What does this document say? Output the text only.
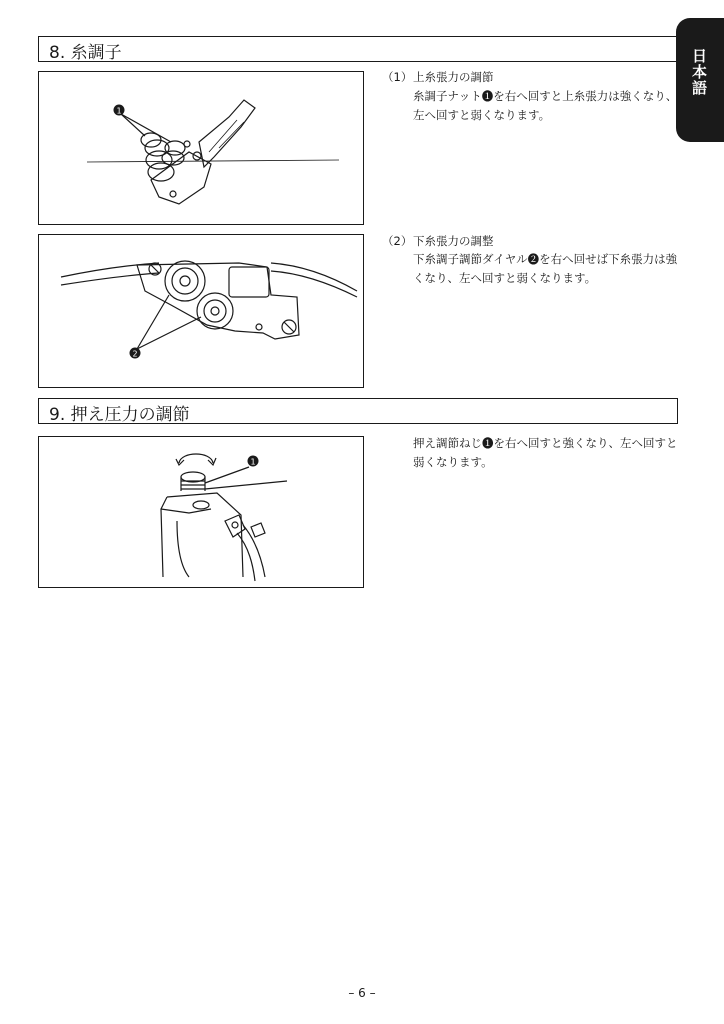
日本語
8. 糸調子
1
2
（1） 上糸張力の調節
糸調子ナット❶を右へ回すと上糸張力は強くなり、左へ回すと弱くなります。
（2） 下糸張力の調整
下糸調子調節ダイヤル❷を右へ回せば下糸張力は強くなり、左へ回すと弱くなります。
9. 押え圧力の調節
1
押え調節ねじ❶を右へ回すと強くなり、左へ回すと弱くなります。
– 6 –
